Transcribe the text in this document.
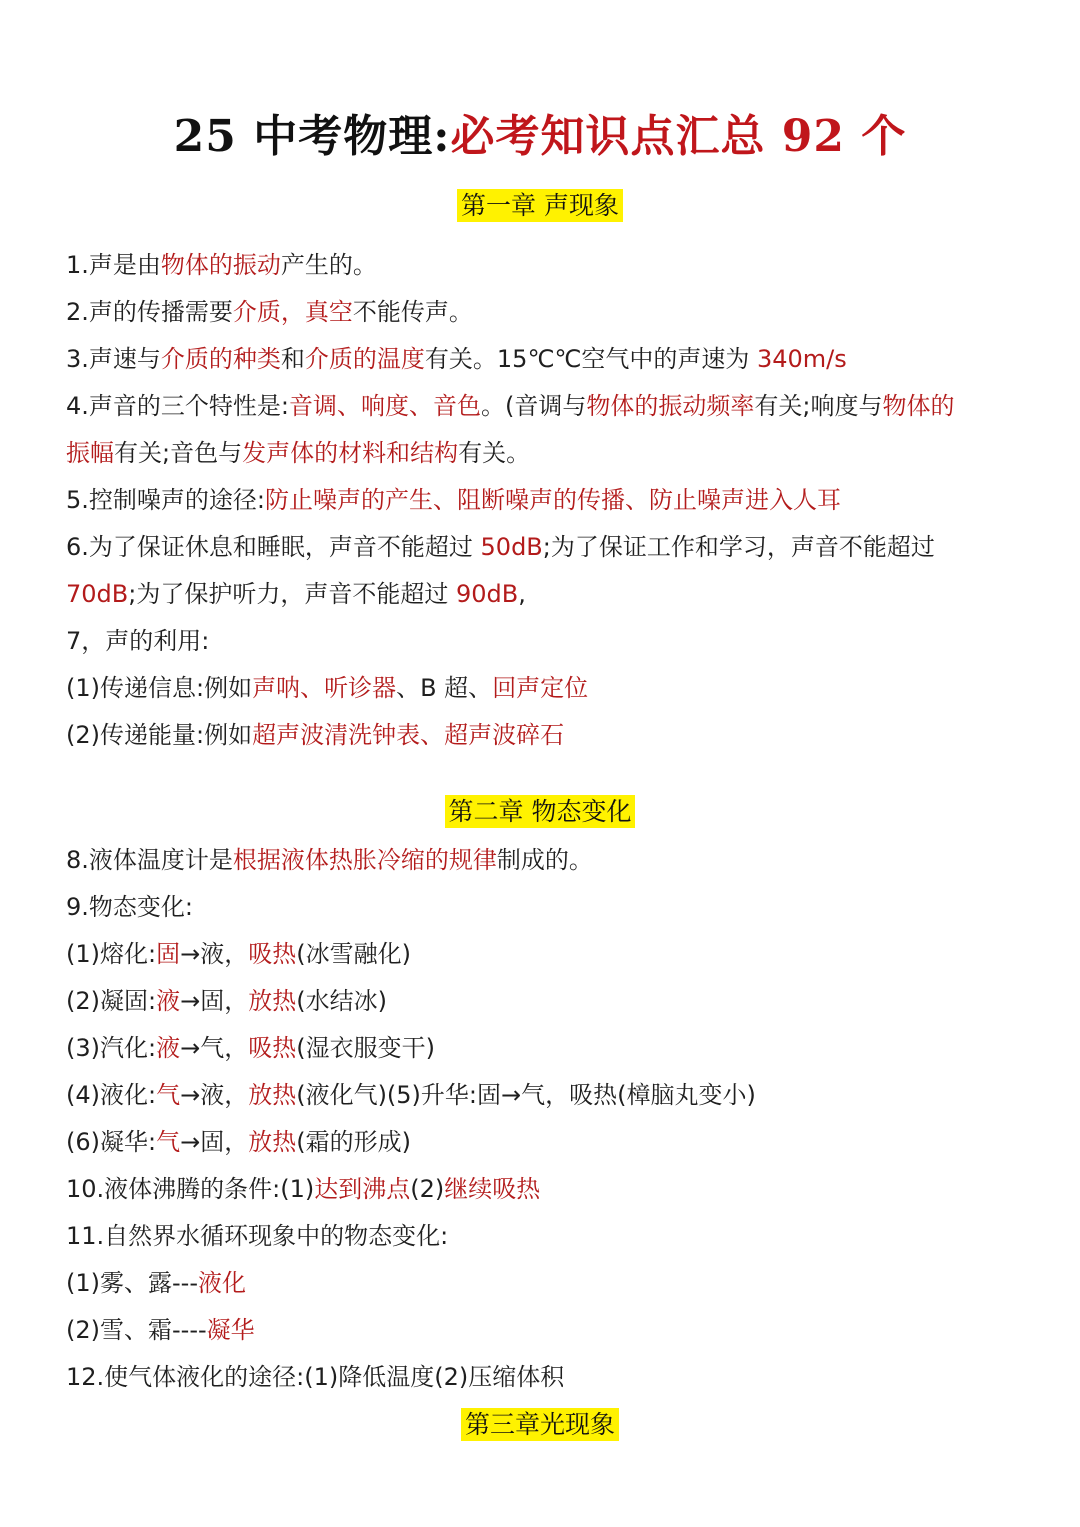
25 中考物理:必考知识点汇总 92 个
第一章 声现象
1.声是由物体的振动产生的。
2.声的传播需要介质，真空不能传声。
3.声速与介质的种类和介质的温度有关。15℃℃空气中的声速为 340m/s
4.声音的三个特性是:音调、响度、音色。(音调与物体的振动频率有关;响度与物体的
振幅有关;音色与发声体的材料和结构有关。
5.控制噪声的途径:防止噪声的产生、阻断噪声的传播、防止噪声进入人耳
6.为了保证休息和睡眠，声音不能超过 50dB;为了保证工作和学习，声音不能超过
70dB;为了保护听力，声音不能超过 90dB,
7，声的利用:
(1)传递信息:例如声呐、听诊器、B 超、回声定位
(2)传递能量:例如超声波清洗钟表、超声波碎石
第二章 物态变化
8.液体温度计是根据液体热胀冷缩的规律制成的。
9.物态变化:
(1)熔化:固→液，吸热(冰雪融化)
(2)凝固:液→固，放热(水结冰)
(3)汽化:液→气，吸热(湿衣服变干)
(4)液化:气→液，放热(液化气)(5)升华:固→气，吸热(樟脑丸变小)
(6)凝华:气→固，放热(霜的形成)
10.液体沸腾的条件:(1)达到沸点(2)继续吸热
11.自然界水循环现象中的物态变化:
(1)雾、露---液化
(2)雪、霜----凝华
12.使气体液化的途径:(1)降低温度(2)压缩体积
第三章光现象
